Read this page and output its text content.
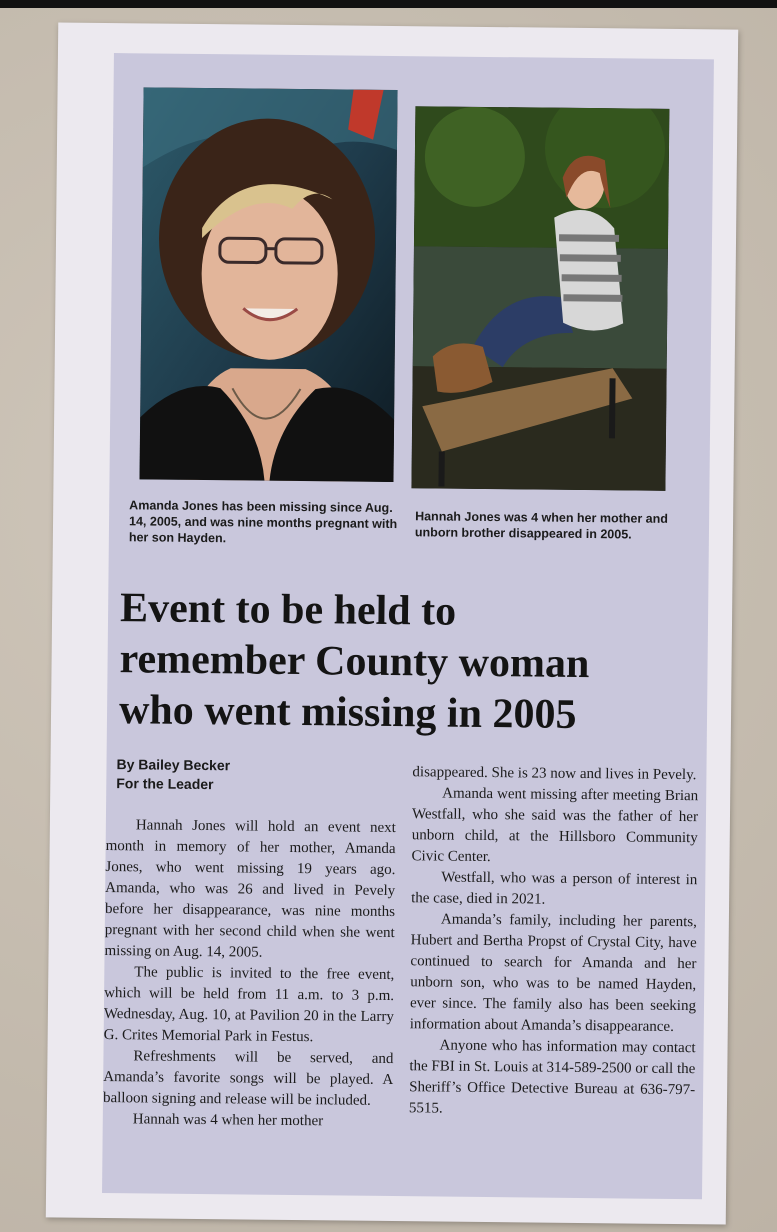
Amanda Jones has been missing since Aug. 14, 2005, and was nine months pregnant with her son Hayden.
Hannah Jones was 4 when her mother and unborn brother disappeared in 2005.
Event to be held to
remember County woman
who went missing in 2005
By Bailey Becker
For the Leader

Hannah Jones will hold an event next month in memory of her mother, Amanda Jones, who went missing 19 years ago. Amanda, who was 26 and lived in Pevely before her disappearance, was nine months pregnant with her second child when she went missing on Aug. 14, 2005.

The public is invited to the free event, which will be held from 11 a.m. to 3 p.m. Wednesday, Aug. 10, at Pavilion 20 in the Larry G. Crites Memorial Park in Festus.

Refreshments will be served, and Amanda’s favorite songs will be played. A balloon signing and release will be included.

Hannah was 4 when her mother

disappeared. She is 23 now and lives in Pevely.

Amanda went missing after meeting Brian Westfall, who she said was the father of her unborn child, at the Hillsboro Community Civic Center.

Westfall, who was a person of interest in the case, died in 2021.

Amanda’s family, including her parents, Hubert and Bertha Propst of Crystal City, have continued to search for Amanda and her unborn son, who was to be named Hayden, ever since. The family also has been seeking information about Amanda’s disappearance.

Anyone who has information may contact the FBI in St. Louis at 314-589-2500 or call the Sheriff’s Office Detective Bureau at 636-797-5515.
